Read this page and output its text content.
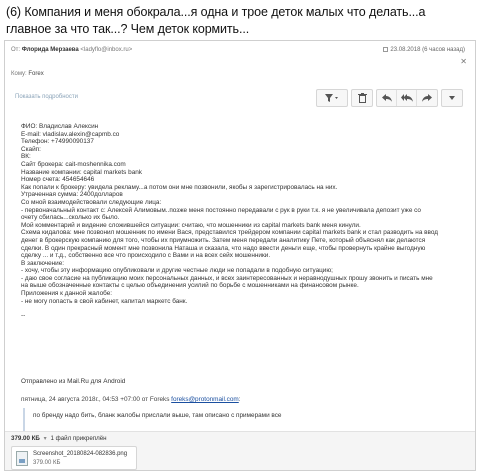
(6) Компания и меня обокрала...я одна и трое деток малых что делать...а
главное за что так...? Чем деток кормить...
От: Флорида Мерзаева <ladyflo@inbox.ru>	23.08.2018 (6 часов назад)
✕
Кому: Forex
Показать подробности
ФИО: Владислав Алексин
E-mail: vladislav.alexin@capmb.co
Телефон: +74990090137
Скайп:
ВК:
Сайт брокера: cait-moshennika.com
Название компании: capital markets bank
Номер счета: 454654646
Как попали к брокеру: увидела рекламу...а потом они мне позвонили, якобы я зарегистрировалась на них.
Утраченная сумма: 2400долларов
Со мной взаимодействовали следующие лица:
- первоначальный контакт с: Алексей Алимовым..позже меня постоянно передавали с рук в руки т.к. я не увеличивала депозит уже со
очету сбилась...сколько их было.
Мой комментарий и видение сложившейся ситуации: считаю, что мошенники из capital markets bank меня кинули.
Схема кидалова: мне позвонил мошенник по имени Вася, представился трейдером компании capital markets bank и стал разводить на ввод
денег в брокерскую компанию для того, чтобы их приумножить. Затем меня передали аналитику Пете, который объяснял как делаются
сделки. В один прекрасный момент мне позвонила Наташа и сказала, что надо ввести деньги еще, чтобы провернуть крайне выгодную
сделку ... и т.д., собственно все что происходило с Вами и на всех сейх мошенники.
В заключение:
- хочу, чтобы эту информацию опубликовали и другие честные люди не попадали в подобную ситуацию;
- даю свое согласие на публикацию моих персональных данных, и всех заинтересованных и неравнодушных прошу звонить и писать мне
на выше обозначенные контакты с целью объединения усилий по борьбе с мошенниками на финансовом рынке.
Приложения к данной жалобе:
- не могу попасть в свой кабинет, капитал маркетс банк.
--
Отправлено из Mail.Ru для Android
пятница, 24 августа 2018г., 04:53 +07:00 от Foreks foreks@protonmail.com:
по бренду надо бить, бланк жалобы прислали выше, там описано с примерами все
379.00 КБ ▾ 1 файл прикреплён
Screenshot_20180824-082836.png
379.00 КБ
